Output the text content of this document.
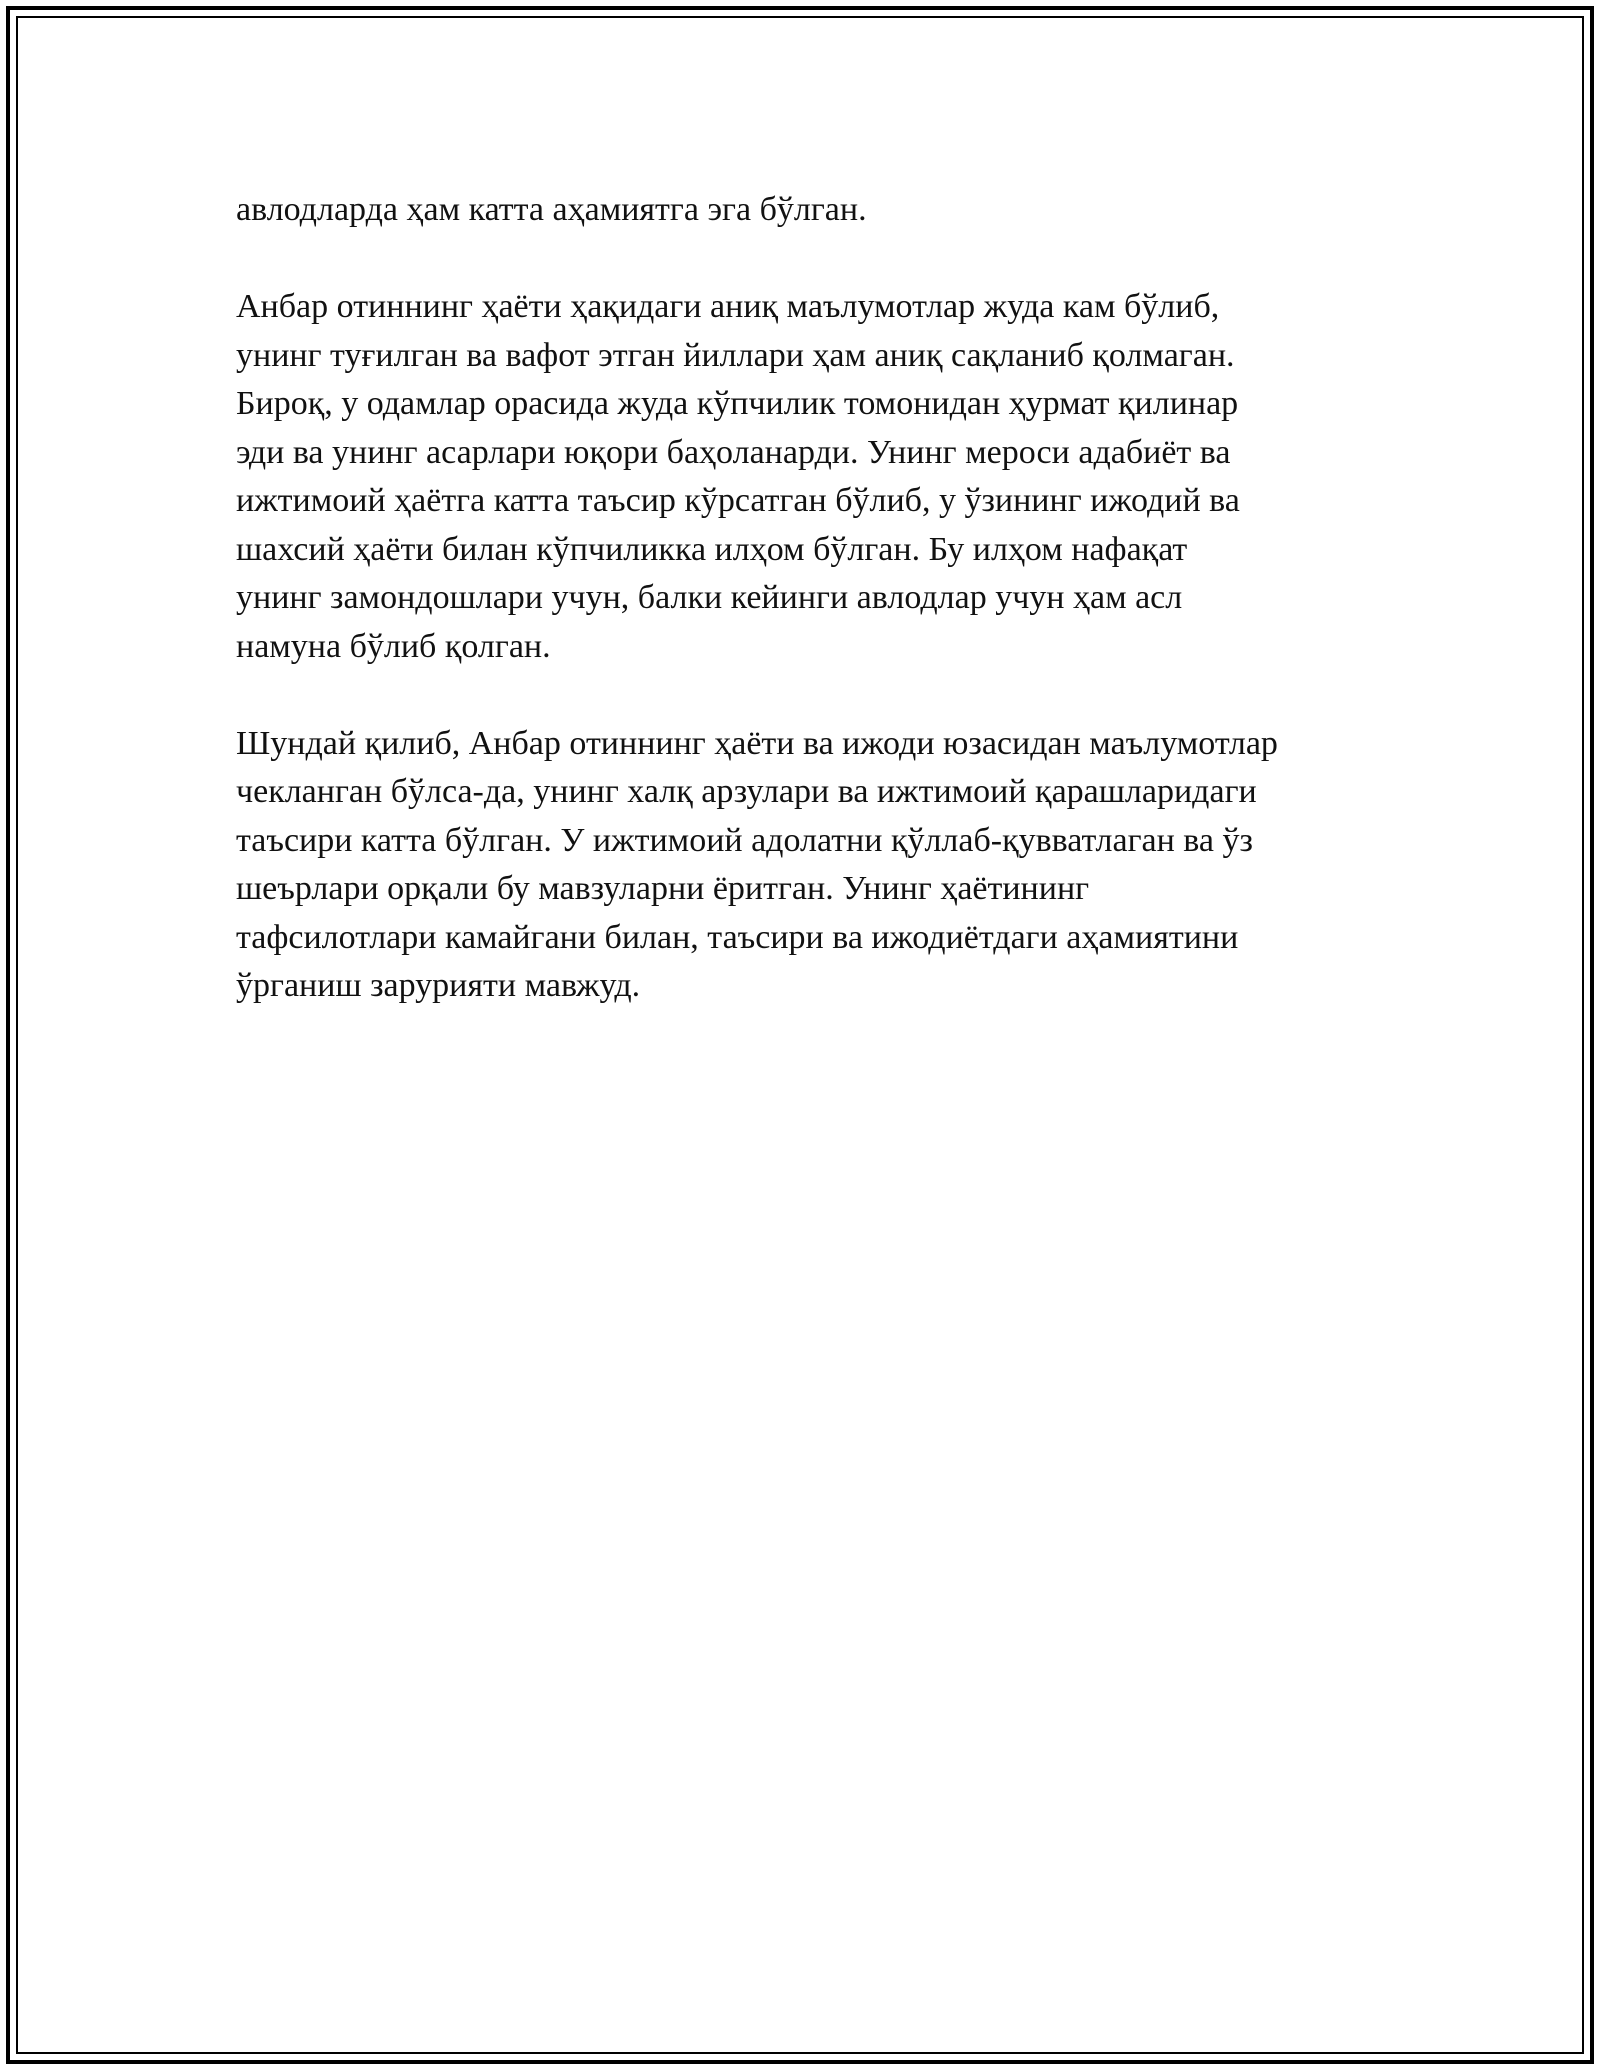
авлодларда ҳам катта аҳамиятга эга бўлган.

Анбар отиннинг ҳаёти ҳақидаги аниқ маълумотлар жуда кам бўлиб,
унинг туғилган ва вафот этган йиллари ҳам аниқ сақланиб қолмаган.
Бироқ, у одамлар орасида жуда кўпчилик томонидан ҳурмат қилинар
эди ва унинг асарлари юқори баҳоланарди. Унинг мероси адабиёт ва
ижтимоий ҳаётга катта таъсир кўрсатган бўлиб, у ўзининг ижодий ва
шахсий ҳаёти билан кўпчиликка илҳом бўлган. Бу илҳом нафақат
унинг замондошлари учун, балки кейинги авлодлар учун ҳам асл
намуна бўлиб қолган.

Шундай қилиб, Анбар отиннинг ҳаёти ва ижоди юзасидан маълумотлар
чекланган бўлса-да, унинг халқ арзулари ва ижтимоий қарашларидаги
таъсири катта бўлган. У ижтимоий адолатни қўллаб-қувватлаган ва ўз
шеърлари орқали бу мавзуларни ёритган. Унинг ҳаётининг
тафсилотлари камайгани билан, таъсири ва ижодиётдаги аҳамиятини
ўрганиш зарурияти мавжуд.
